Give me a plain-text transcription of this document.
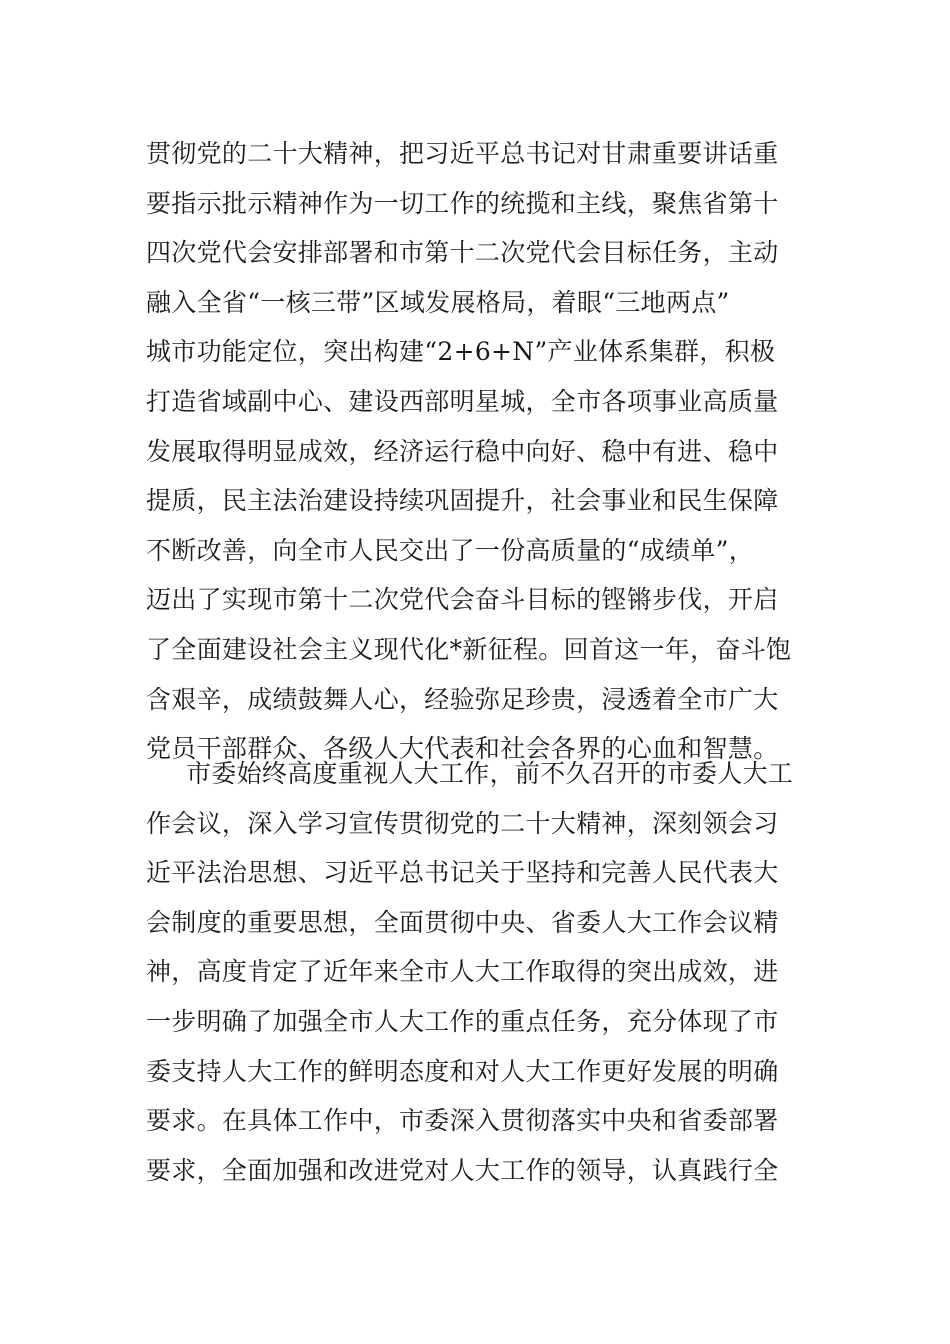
贯彻党的二十大精神，把习近平总书记对甘肃重要讲话重
要指示批示精神作为一切工作的统揽和主线，聚焦省第十
四次党代会安排部署和市第十二次党代会目标任务，主动
融入全省“一核三带”区域发展格局，着眼“三地两点”
城市功能定位，突出构建“2+6+N”产业体系集群，积极
打造省域副中心、建设西部明星城，全市各项事业高质量
发展取得明显成效，经济运行稳中向好、稳中有进、稳中
提质，民主法治建设持续巩固提升，社会事业和民生保障
不断改善，向全市人民交出了一份高质量的“成绩单”，
迈出了实现市第十二次党代会奋斗目标的铿锵步伐，开启
了全面建设社会主义现代化*新征程。回首这一年，奋斗饱
含艰辛，成绩鼓舞人心，经验弥足珍贵，浸透着全市广大
党员干部群众、各级人大代表和社会各界的心血和智慧。
市委始终高度重视人大工作，前不久召开的市委人大工
作会议，深入学习宣传贯彻党的二十大精神，深刻领会习
近平法治思想、习近平总书记关于坚持和完善人民代表大
会制度的重要思想，全面贯彻中央、省委人大工作会议精
神，高度肯定了近年来全市人大工作取得的突出成效，进
一步明确了加强全市人大工作的重点任务，充分体现了市
委支持人大工作的鲜明态度和对人大工作更好发展的明确
要求。在具体工作中，市委深入贯彻落实中央和省委部署
要求，全面加强和改进党对人大工作的领导，认真践行全
